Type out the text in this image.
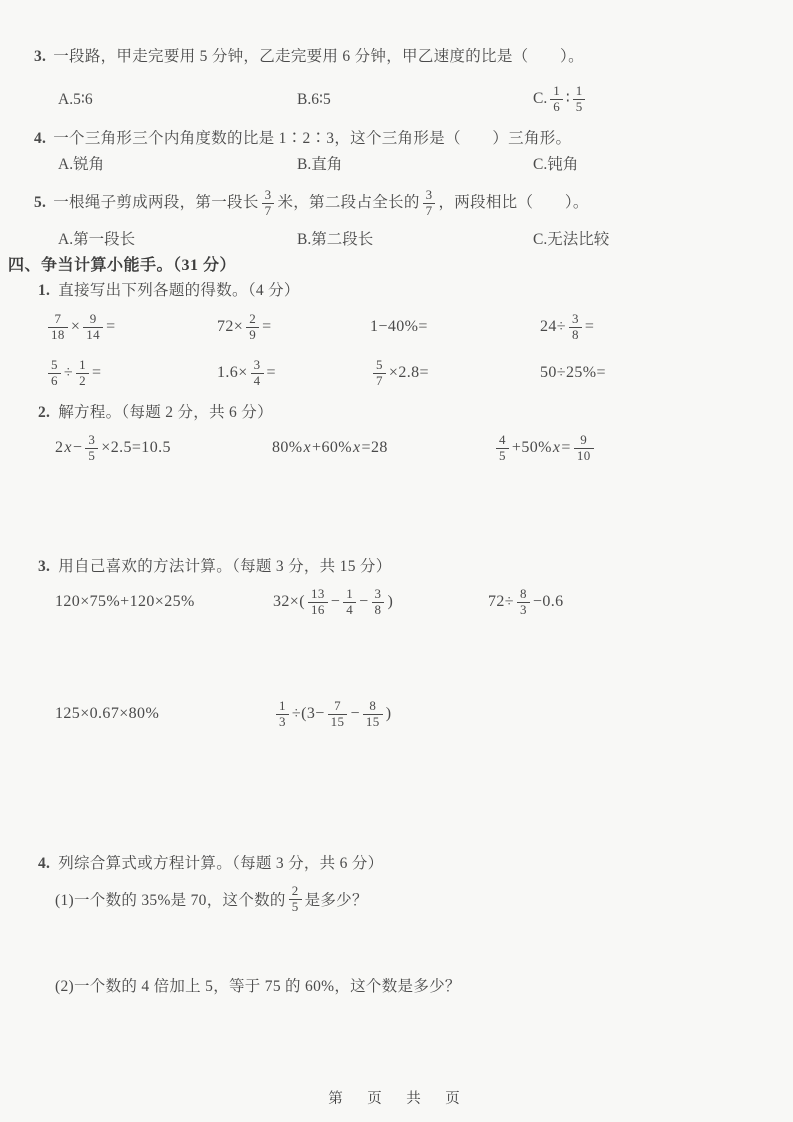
3. 一段路，甲走完要用 5 分钟，乙走完要用 6 分钟，甲乙速度的比是（　　）。
A.5∶6	B.6∶5	C. $\frac{1}{6}$ ∶ $\frac{1}{5}$
4. 一个三角形三个内角度数的比是 1∶2∶3，这个三角形是（　　）三角形。
A.锐角	B.直角	C.钝角
5. 一根绳子剪成两段，第一段长 $\frac{3}{7}$ 米，第二段占全长的 $\frac{3}{7}$ ，两段相比（　　）。
A.第一段长	B.第二段长	C.无法比较
四、争当计算小能手。（31 分）
1. 直接写出下列各题的得数。（4 分）
$\frac{7}{18} \times \frac{9}{14}$ =	$72\times \frac{2}{9}$ =	1−40%=	$24\div \frac{3}{8}$ =
$\frac{5}{6} \div \frac{1}{2}$ =	$1.6\times \frac{3}{4}$ =	$\frac{5}{7} \times 2.8=$	50÷25%=
2. 解方程。（每题 2 分，共 6 分）
2 $x - \frac{3}{5} \times 2.5=10.5$	80% x +60% x =28	$\frac{4}{5} +50\%$ $x = \frac{9}{10}$
3. 用自己喜欢的方法计算。（每题 3 分，共 15 分）
120×75%+120×25%	$32\times( \frac{13}{16} - \frac{1}{4} - \frac{3}{8}$ )	$72\div \frac{8}{3} -0.6$
125×0.67×80%	$\frac{1}{3} \div(3- \frac{7}{15} - \frac{8}{15}$ )
4. 列综合算式或方程计算。（每题 3 分，共 6 分）
(1)一个数的 35%是 70，这个数的 $\frac{2}{5}$ 是多少？
(2)一个数的 4 倍加上 5，等于 75 的 60%，这个数是多少？
第　页　共　页
